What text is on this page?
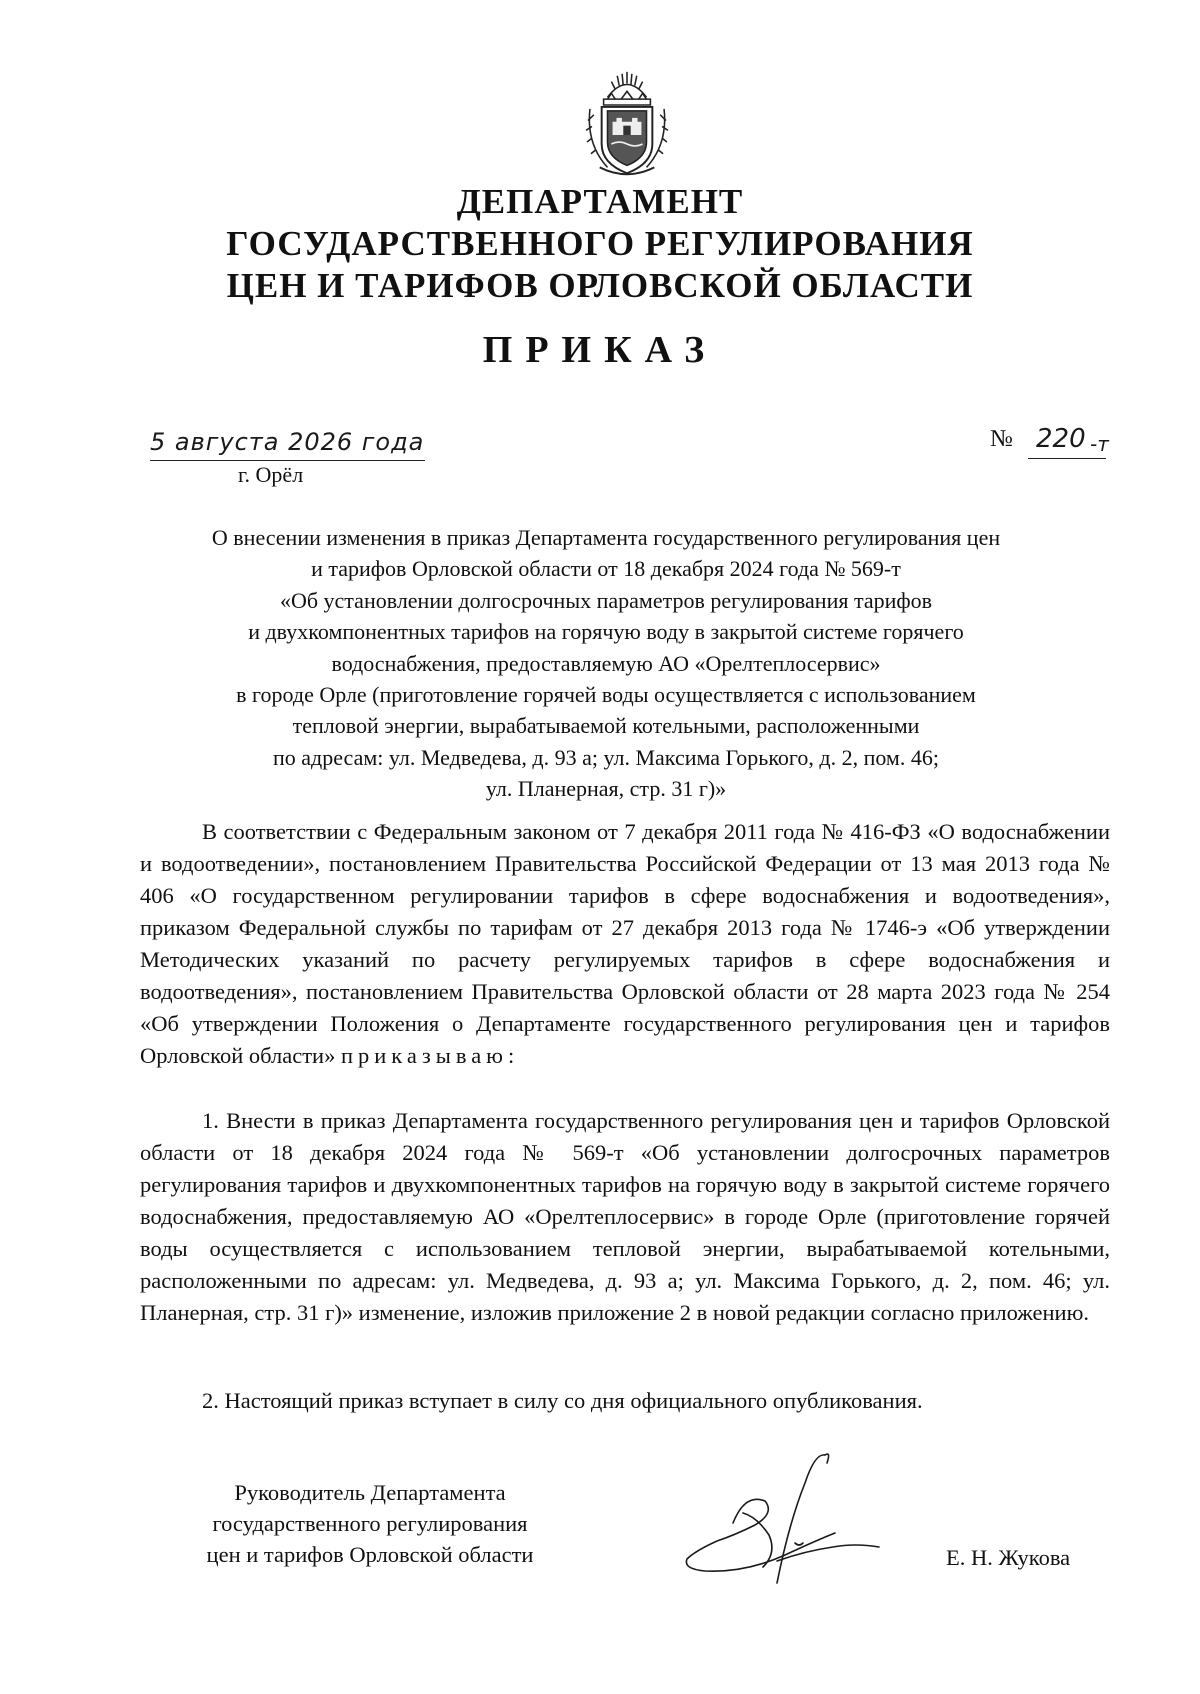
ДЕПАРТАМЕНТ
ГОСУДАРСТВЕННОГО РЕГУЛИРОВАНИЯ
ЦЕН И ТАРИФОВ ОРЛОВСКОЙ ОБЛАСТИ
ПРИКАЗ
5 августа 2026 года
г. Орёл
№ 220 -т

О внесении изменения в приказ Департамента государственного регулирования цен
и тарифов Орловской области от 18 декабря 2024 года № 569-т
«Об установлении долгосрочных параметров регулирования тарифов
и двухкомпонентных тарифов на горячую воду в закрытой системе горячего
водоснабжения, предоставляемую АО «Орелтеплосервис»
в городе Орле (приготовление горячей воды осуществляется с использованием
тепловой энергии, вырабатываемой котельными, расположенными
по адресам: ул. Медведева, д. 93 а; ул. Максима Горького, д. 2, пом. 46;
ул. Планерная, стр. 31 г)»

В соответствии с Федеральным законом от 7 декабря 2011 года № 416-ФЗ «О водоснабжении и водоотведении», постановлением Правительства Российской Федерации от 13 мая 2013 года № 406 «О государственном регулировании тарифов в сфере водоснабжения и водоотведения», приказом Федеральной службы по тарифам от 27 декабря 2013 года № 1746-э «Об утверждении Методических указаний по расчету регулируемых тарифов в сфере водоснабжения и водоотведения», постановлением Правительства Орловской области от 28 марта 2023 года № 254 «Об утверждении Положения о Департаменте государственного регулирования цен и тарифов Орловской области» приказываю:

1. Внести в приказ Департамента государственного регулирования цен и тарифов Орловской области от 18 декабря 2024 года № 569-т «Об установлении долгосрочных параметров регулирования тарифов и двухкомпонентных тарифов на горячую воду в закрытой системе горячего водоснабжения, предоставляемую АО «Орелтеплосервис» в городе Орле (приготовление горячей воды осуществляется с использованием тепловой энергии, вырабатываемой котельными, расположенными по адресам: ул. Медведева, д. 93 а; ул. Максима Горького, д. 2, пом. 46; ул. Планерная, стр. 31 г)» изменение, изложив приложение 2 в новой редакции согласно приложению.

2. Настоящий приказ вступает в силу со дня официального опубликования.

Руководитель Департамента
государственного регулирования
цен и тарифов Орловской области	Е. Н. Жукова
